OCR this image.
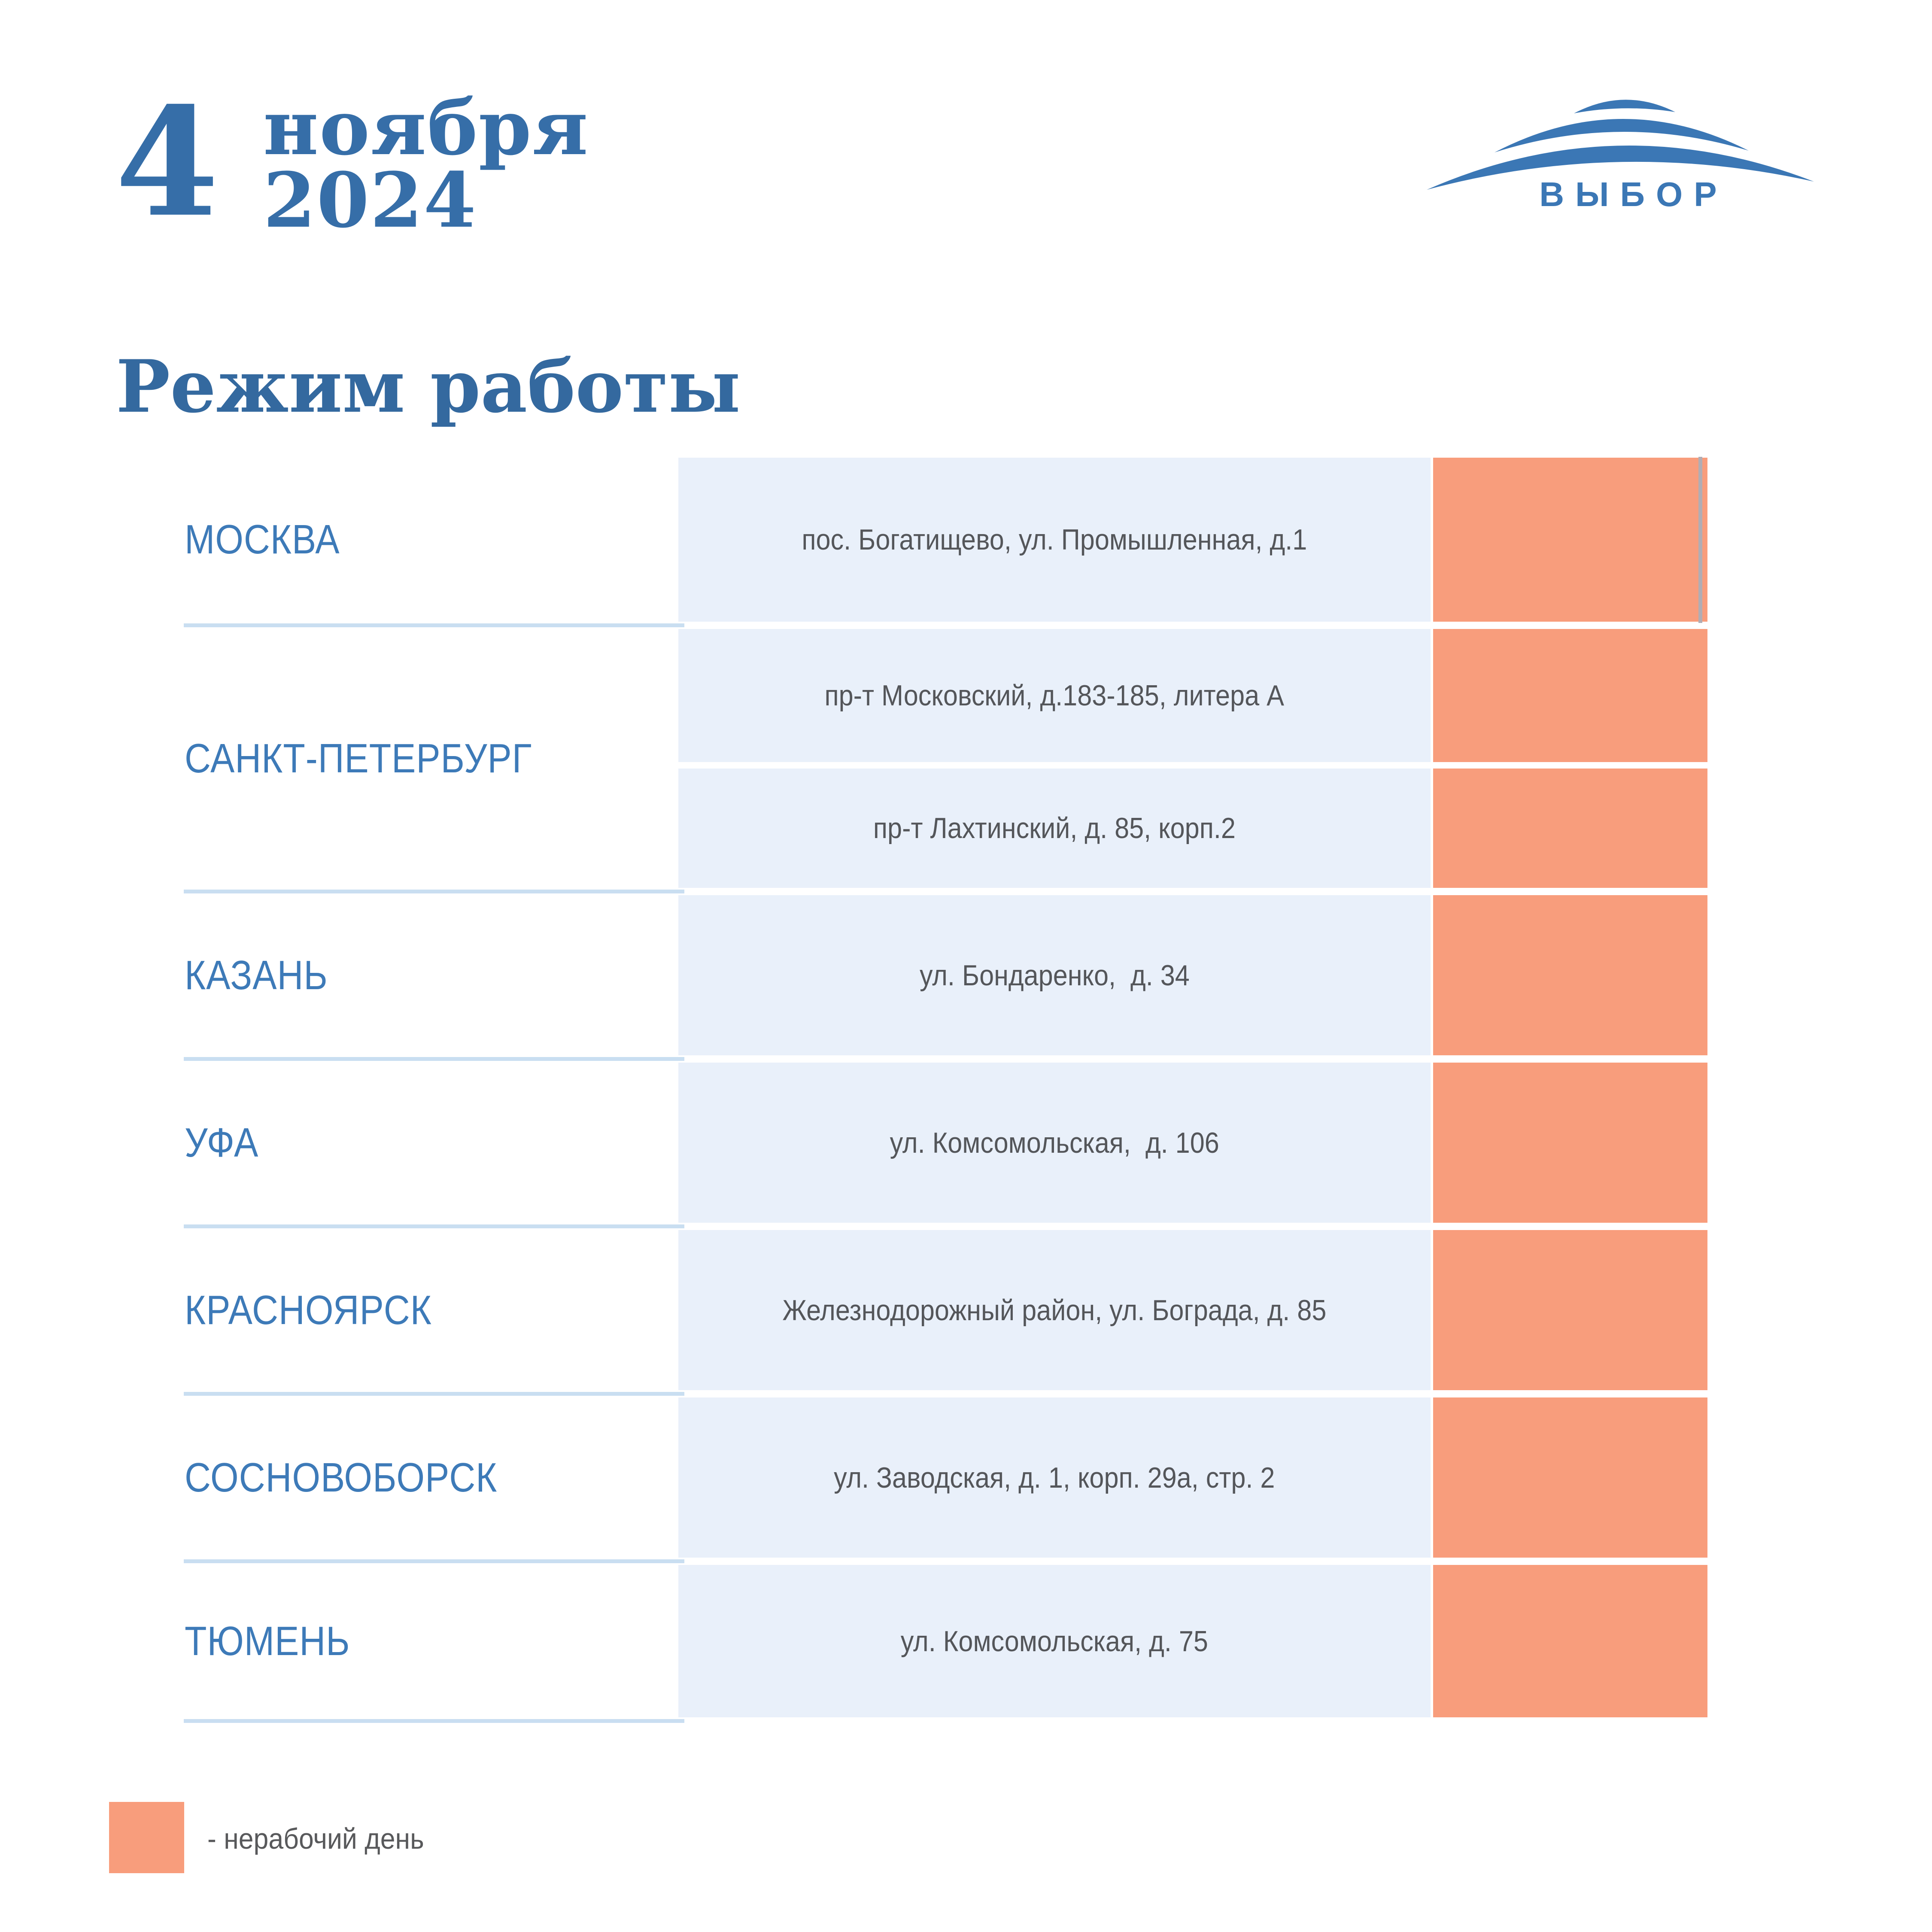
4 ноября
2024	ВЫБОР
Режим работы
МОСКВА
САНКТ-ПЕТЕРБУРГ
КАЗАНЬ
УФА
КРАСНОЯРСК
СОСНОВОБОРСК
ТЮМЕНЬ
пос. Богатищево, ул. Промышленная, д.1
пр-т Московский, д.183-185, литера А
пр-т Лахтинский, д. 85, корп.2
ул. Бондаренко,  д. 34
ул. Комсомольская,  д. 106
Железнодорожный район, ул. Бограда, д. 85
ул. Заводская, д. 1, корп. 29а, стр. 2
ул. Комсомольская, д. 75
- нерабочий день
